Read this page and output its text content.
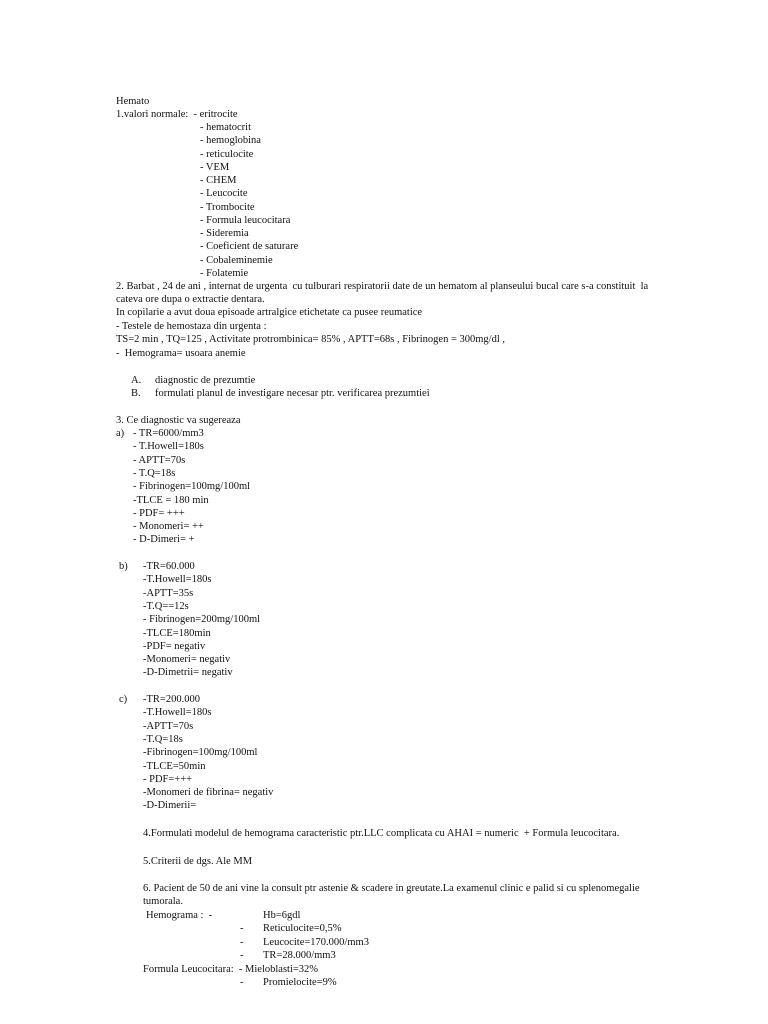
Hemato
1.valori normale:  - eritrocite
- hematocrit
- hemoglobina
- reticulocite
- VEM
- CHEM
- Leucocite
- Trombocite
- Formula leucocitara
- Sideremia
- Coeficient de saturare
- Cobaleminemie
- Folatemie
2. Barbat , 24 de ani , internat de urgenta  cu tulburari respiratorii date de un hematom al planseului bucal care s-a constituit  la
cateva ore dupa o extractie dentara.
In copilarie a avut doua episoade artralgice etichetate ca pusee reumatice
- Testele de hemostaza din urgenta :
TS=2 min , TQ=125 , Activitate protrombinica= 85% , APTT=68s , Fibrinogen = 300mg/dl ,
-  Hemograma= usoara anemie
A. diagnostic de prezumtie
B. formulati planul de investigare necesar ptr. verificarea prezumtiei
3. Ce diagnostic va sugereaza
a) - TR=6000/mm3
- T.Howell=180s
- APTT=70s
- T.Q=18s
- Fibrinogen=100mg/100ml
-TLCE = 180 min
- PDF= +++
- Monomeri= ++
- D-Dimeri= +
b) -TR=60.000
-T.Howell=180s
-APTT=35s
-T.Q==12s
- Fibrinogen=200mg/100ml
-TLCE=180min
-PDF= negativ
-Monomeri= negativ
-D-Dimetrii= negativ
c) -TR=200.000
-T.Howell=180s
-APTT=70s
-T.Q=18s
-Fibrinogen=100mg/100ml
-TLCE=50min
- PDF=+++
-Monomeri de fibrina= negativ
-D-Dimerii=
4.Formulati modelul de hemograma caracteristic ptr.LLC complicata cu AHAI = numeric  + Formula leucocitara.
5.Criterii de dgs. Ale MM
6. Pacient de 50 de ani vine la consult ptr astenie & scadere in greutate.La examenul clinic e palid si cu splenomegalie
tumorala.
Hemograma :  -	Hb=6gdl
Reticulocite=0,5%
Leucocite=170.000/mm3
TR=28.000/mm3
-
-
-
Formula Leucocitara:  - Mieloblasti=32%
Promielocite=9%
-
